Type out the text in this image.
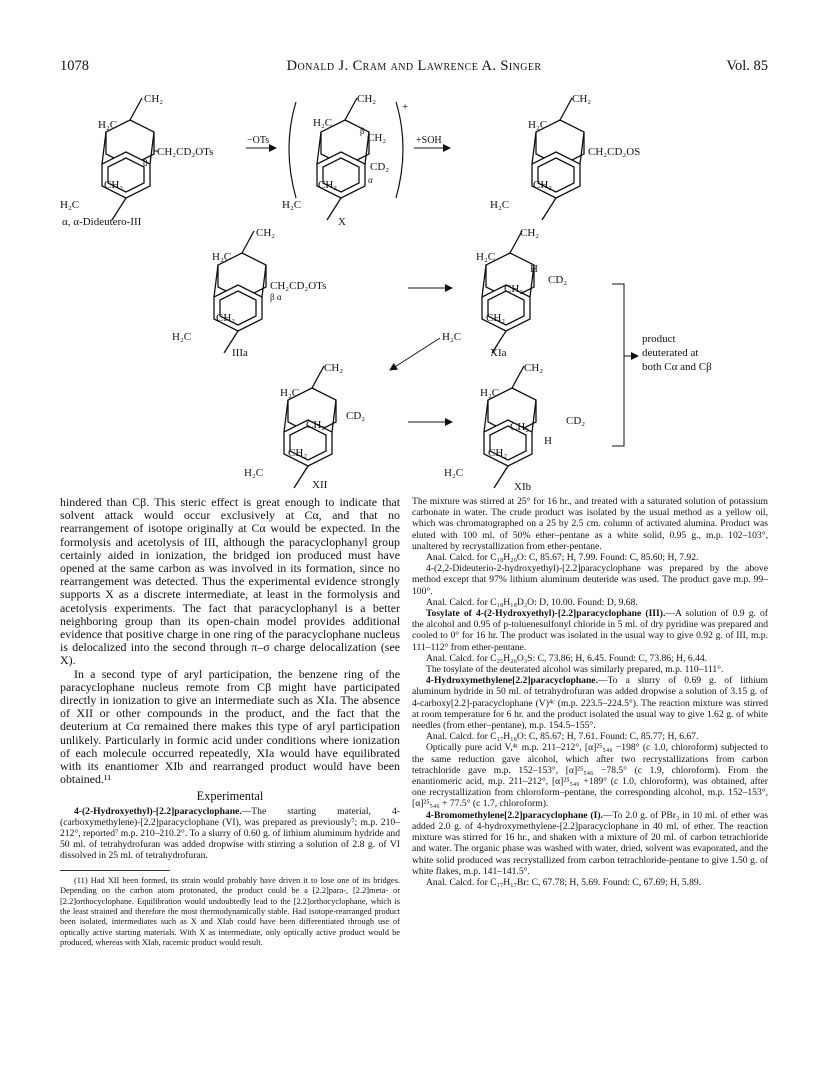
1078	Donald J. Cram and Lawrence A. Singer	Vol. 85
CH₂
H₂C
CH₂CD₂OTs
CH₂
H₂C
β
α, α-Dideutero-III
−OTs
+
CH₂
H₂C
CH₂
CD₂
β
α
CH₂
H₂C
X
+SOH
CH₂
H₂C
CH₂CD₂OS
CH₂
H₂C
CH₂
H₂C
CH₂CD₂OTs
β α
CH₂
H₂C
IIIa
CH₂
H₂C
H
CD₂
CH₂
CH₂
H₂C
XIa
product
deuterated at
both Cα and Cβ
CH₂
H₂C
CD₂
CH₂
CH₂
H₂C
XII
CH₂
H₂C
CD₂
CH₂
H
CH₂
H₂C
XIb

hindered than Cβ. This steric effect is great enough to indicate that solvent attack would occur exclusively at Cα, and that no rearrangement of isotope originally at Cα would be expected. In the formolysis and acetolysis of III, although the paracyclophanyl group certainly aided in ionization, the bridged ion produced must have opened at the same carbon as was involved in its formation, since no rearrangement was detected. Thus the experimental evidence strongly supports X as a discrete intermediate, at least in the formolysis and acetolysis experiments. The fact that paracyclophanyl is a better neighboring group than its open-chain model provides additional evidence that positive charge in one ring of the paracyclophane nucleus is delocalized into the second through π–σ charge delocalization (see X).

In a second type of aryl participation, the benzene ring of the paracyclophane nucleus remote from Cβ might have participated directly in ionization to give an intermediate such as XIa. The absence of XII or other compounds in the product, and the fact that the deuterium at Cα remained there makes this type of aryl participation unlikely. Particularly in formic acid under conditions where ionization of each molecule occurred repeatedly, XIa would have equilibrated with its enantiomer XIb and rearranged product would have been obtained.¹¹

Experimental

4-(2-Hydroxyethyl)-[2.2]paracyclophane.—The starting material, 4-(carboxymethylene)-[2.2]paracyclophane (VI), was prepared as previously⁷; m.p. 210–212°, reported⁷ m.p. 210–210.2°. To a slurry of 0.60 g. of lithium aluminum hydride and 50 ml. of tetrahydrofuran was added dropwise with stirring a solution of 2.8 g. of VI dissolved in 25 ml. of tetrahydrofuran.

(11) Had XII been formed, its strain would probably have driven it to lose one of its bridges. Depending on the carbon atom protonated, the product could be a [2.2]para-, [2.2]meta- or [2.2]orthocyclophane. Equilibration would undoubtedly lead to the [2.2]orthocyclophane, which is the least strained and therefore the most thermodynamically stable. Had isotope-rearranged product been isolated, intermediates such as X and XIab could have been differentiated through use of optically active starting materials. With X as intermediate, only optically active product would be produced, whereas with XIab, racemic product would result.

The mixture was stirred at 25° for 16 hr., and treated with a saturated solution of potassium carbonate in water. The crude product was isolated by the usual method as a yellow oil, which was chromatographed on a 25 by 2.5 cm. column of activated alumina. Product was eluted with 100 ml. of 50% ether–pentane as a white solid, 0.95 g., m.p. 102–103°, unaltered by recrystallization from ether-pentane.

Anal. Calcd. for C₁₈H₂₀O: C, 85.67; H, 7.99. Found: C, 85.60; H, 7.92.

4-(2,2-Dideuterio-2-hydroxyethyl)-[2.2]paracyclophane was prepared by the above method except that 97% lithium aluminum deuteride was used. The product gave m.p. 99–100°.

Anal. Calcd. for C₁₈H₁₈D₂O: D, 10.00. Found: D, 9.68.

Tosylate of 4-(2-Hydroxyethyl)-[2.2]paracyclophane (III).—A solution of 0.9 g. of the alcohol and 0.95 of p-toluenesulfonyl chloride in 5 ml. of dry pyridine was prepared and cooled to 0° for 16 hr. The product was isolated in the usual way to give 0.92 g. of III, m.p. 111–112° from ether-pentane.

Anal. Calcd. for C₂₅H₂₆O₃S: C, 73.86; H, 6.45. Found: C, 73.86; H, 6.44.

The tosylate of the deuterated alcohol was similarly prepared, m.p. 110–111°.

4-Hydroxymethylene[2.2]paracyclophane.—To a slurry of 0.69 g. of lithium aluminum hydride in 50 ml. of tetrahydrofuran was added dropwise a solution of 3.15 g. of 4-carboxy[2.2]-paracyclophane (V)⁴ᶜ (m.p. 223.5–224.5°). The reaction mixture was stirred at room temperature for 6 hr. and the product isolated the usual way to give 1.62 g. of white needles (from ether–pentane), m.p. 154.5–155°.

Anal. Calcd. for C₁₇H₁₈O: C, 85.67; H, 7.61. Found: C, 85.77; H, 6.67.

Optically pure acid V,⁴ᶜ m.p. 211–212°, [α]²⁵₅₄₆ −198° (c 1.0, chloroform) subjected to the same reduction gave alcohol, which after two recrystallizations from carbon tetrachloride gave m.p. 152–153°, [α]²⁵₅₄₆ −78.5° (c 1.9, chloroform). From the enantiomeric acid, m.p. 211–212°, [α]²⁵₅₄₆ +189° (c 1.0, chloroform), was obtained, after one recrystallization from chloroform–pentane, the corresponding alcohol, m.p. 152–153°, [α]²⁵₅₄₆ + 77.5° (c 1.7, chloroform).

4-Bromomethylene[2.2]paracyclophane (I).—To 2.0 g. of PBr₃ in 10 ml. of ether was added 2.0 g. of 4-hydroxymethylene-[2.2]paracyclophane in 40 ml. of ether. The reaction mixture was stirred for 16 hr., and shaken with a mixture of 20 ml. of carbon tetrachloride and water. The organic phase was washed with water, dried, solvent was evaporated, and the white solid produced was recrystallized from carbon tetrachloride-pentane to give 1.50 g. of white flakes, m.p. 141–141.5°.

Anal. Calcd. for C₁₇H₁₇Br: C, 67.78; H, 5.69. Found: C, 67.69; H, 5.89.
